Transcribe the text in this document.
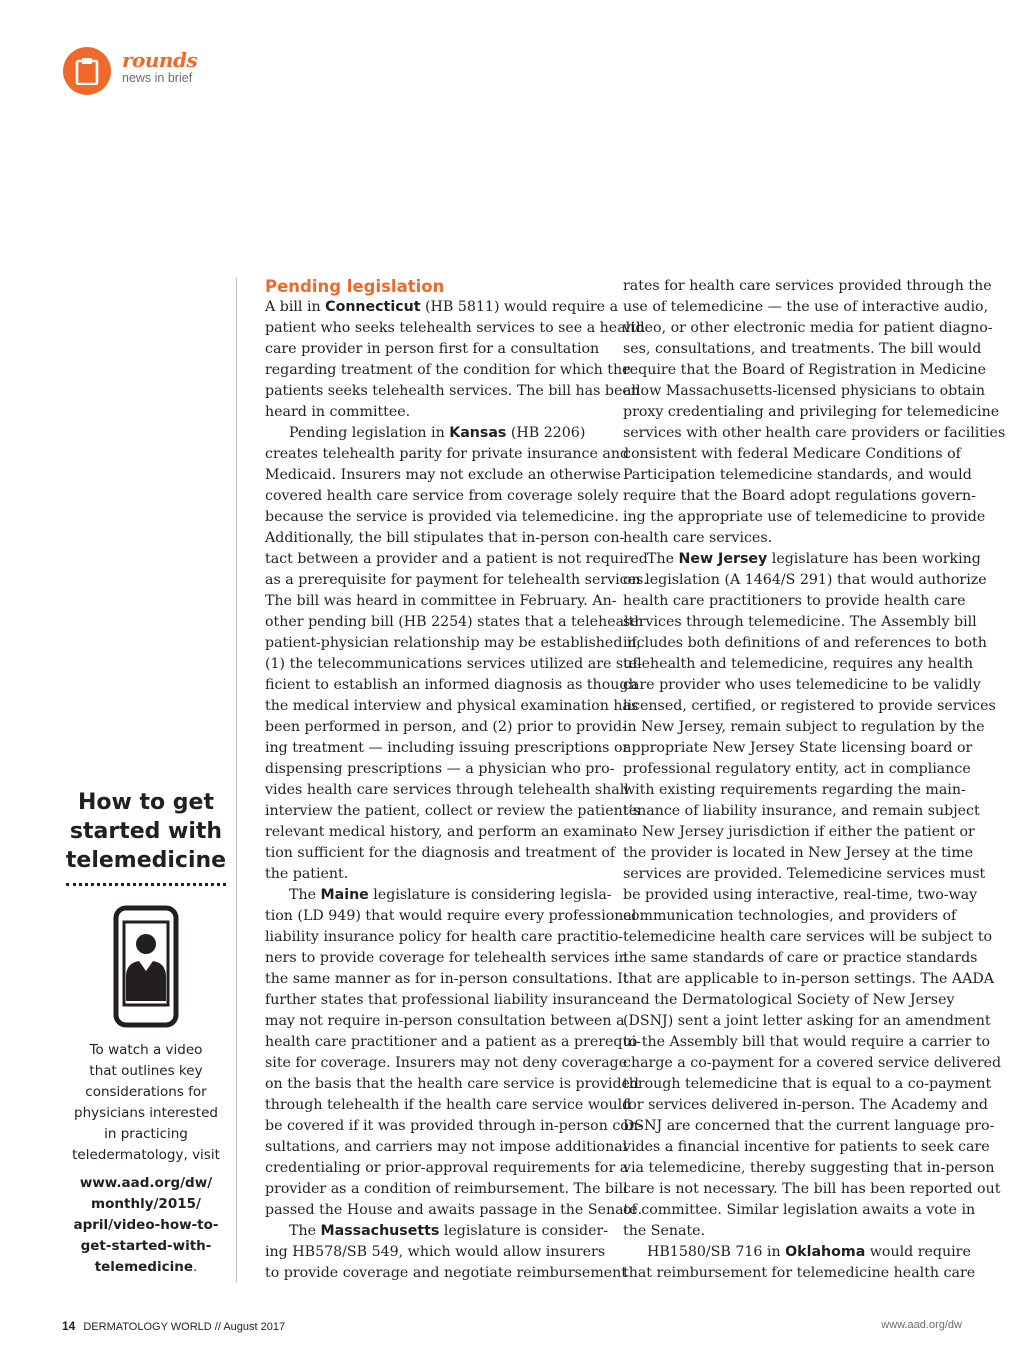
rounds
news in brief
How to get
started with
telemedicine
To watch a video
that outlines key
considerations for
physicians interested
in practicing
teledermatology, visit
www.aad.org/dw/
monthly/2015/
april/video-how-to-
get-started-with-
telemedicine.
Pending legislation
A bill in Connecticut (HB 5811) would require a
patient who seeks telehealth services to see a health
care provider in person first for a consultation
regarding treatment of the condition for which the
patients seeks telehealth services. The bill has been
heard in committee.
Pending legislation in Kansas (HB 2206)
creates telehealth parity for private insurance and
Medicaid. Insurers may not exclude an otherwise
covered health care service from coverage solely
because the service is provided via telemedicine.
Additionally, the bill stipulates that in-person con-
tact between a provider and a patient is not required
as a prerequisite for payment for telehealth services.
The bill was heard in committee in February. An-
other pending bill (HB 2254) states that a telehealth
patient-physician relationship may be established if,
(1) the telecommunications services utilized are suf-
ficient to establish an informed diagnosis as though
the medical interview and physical examination has
been performed in person, and (2) prior to provid-
ing treatment — including issuing prescriptions or
dispensing prescriptions — a physician who pro-
vides health care services through telehealth shall
interview the patient, collect or review the patient’s
relevant medical history, and perform an examina-
tion sufficient for the diagnosis and treatment of
the patient.
The Maine legislature is considering legisla-
tion (LD 949) that would require every professional
liability insurance policy for health care practitio-
ners to provide coverage for telehealth services in
the same manner as for in-person consultations. It
further states that professional liability insurance
may not require in-person consultation between a
health care practitioner and a patient as a prerequi-
site for coverage. Insurers may not deny coverage
on the basis that the health care service is provided
through telehealth if the health care service would
be covered if it was provided through in-person con-
sultations, and carriers may not impose additional
credentialing or prior-approval requirements for a
provider as a condition of reimbursement. The bill
passed the House and awaits passage in the Senate.
The Massachusetts legislature is consider-
ing HB578/SB 549, which would allow insurers
to provide coverage and negotiate reimbursement
rates for health care services provided through the
use of telemedicine — the use of interactive audio,
video, or other electronic media for patient diagno-
ses, consultations, and treatments. The bill would
require that the Board of Registration in Medicine
allow Massachusetts-licensed physicians to obtain
proxy credentialing and privileging for telemedicine
services with other health care providers or facilities
consistent with federal Medicare Conditions of
Participation telemedicine standards, and would
require that the Board adopt regulations govern-
ing the appropriate use of telemedicine to provide
health care services.
The New Jersey legislature has been working
on legislation (A 1464/S 291) that would authorize
health care practitioners to provide health care
services through telemedicine. The Assembly bill
includes both definitions of and references to both
telehealth and telemedicine, requires any health
care provider who uses telemedicine to be validly
licensed, certified, or registered to provide services
in New Jersey, remain subject to regulation by the
appropriate New Jersey State licensing board or
professional regulatory entity, act in compliance
with existing requirements regarding the main-
tenance of liability insurance, and remain subject
to New Jersey jurisdiction if either the patient or
the provider is located in New Jersey at the time
services are provided. Telemedicine services must
be provided using interactive, real-time, two-way
communication technologies, and providers of
telemedicine health care services will be subject to
the same standards of care or practice standards
that are applicable to in-person settings. The AADA
and the Dermatological Society of New Jersey
(DSNJ) sent a joint letter asking for an amendment
to the Assembly bill that would require a carrier to
charge a co-payment for a covered service delivered
through telemedicine that is equal to a co-payment
for services delivered in-person. The Academy and
DSNJ are concerned that the current language pro-
vides a financial incentive for patients to seek care
via telemedicine, thereby suggesting that in-person
care is not necessary. The bill has been reported out
of committee. Similar legislation awaits a vote in
the Senate.
HB1580/SB 716 in Oklahoma would require
that reimbursement for telemedicine health care
14 DERMATOLOGY WORLD // August 2017	www.aad.org/dw
